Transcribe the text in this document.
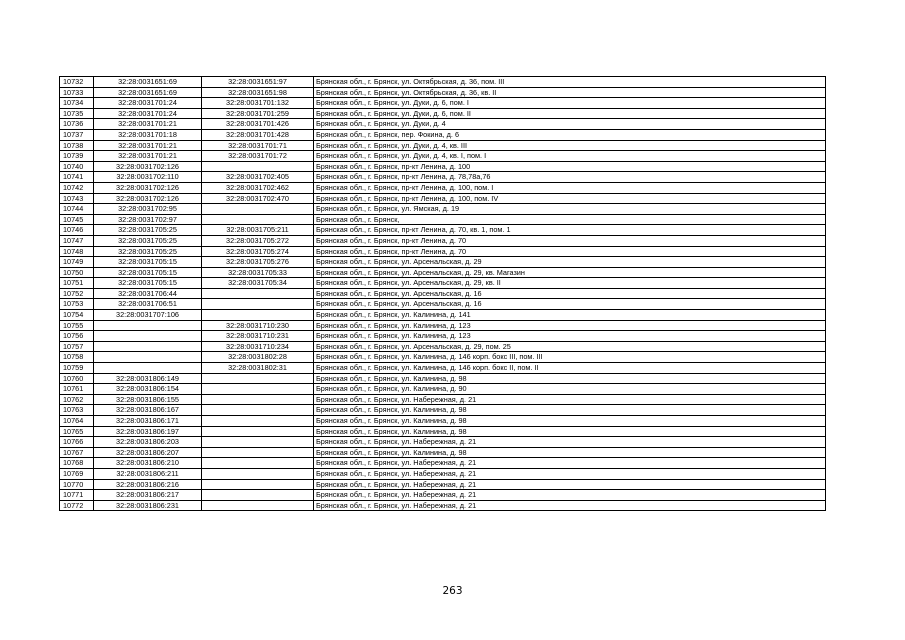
10732	32:28:0031651:69	32:28:0031651:97	Брянская обл., г. Брянск, ул. Октябрьская, д. 36, пом. III
10733	32:28:0031651:69	32:28:0031651:98	Брянская обл., г. Брянск, ул. Октябрьская, д. 36, кв. II
10734	32:28:0031701:24	32:28:0031701:132	Брянская обл., г. Брянск, ул. Дуки, д. 6, пом. I
10735	32:28:0031701:24	32:28:0031701:259	Брянская обл., г. Брянск, ул. Дуки, д. 6, пом. II
10736	32:28:0031701:21	32:28:0031701:426	Брянская обл., г. Брянск, ул. Дуки, д. 4
10737	32:28:0031701:18	32:28:0031701:428	Брянская обл., г. Брянск, пер. Фокина, д. 6
10738	32:28:0031701:21	32:28:0031701:71	Брянская обл., г. Брянск, ул. Дуки, д. 4, кв. III
10739	32:28:0031701:21	32:28:0031701:72	Брянская обл., г. Брянск, ул. Дуки, д. 4, кв. I, пом. I
10740	32:28:0031702:126		Брянская обл., г. Брянск, пр-кт Ленина, д. 100
10741	32:28:0031702:110	32:28:0031702:405	Брянская обл., г. Брянск, пр-кт Ленина, д. 78,78а,76
10742	32:28:0031702:126	32:28:0031702:462	Брянская обл., г. Брянск, пр-кт Ленина, д. 100, пом. I
10743	32:28:0031702:126	32:28:0031702:470	Брянская обл., г. Брянск, пр-кт Ленина, д. 100, пом. IV
10744	32:28:0031702:95		Брянская обл., г. Брянск, ул. Ямская, д. 19
10745	32:28:0031702:97		Брянская обл., г. Брянск,
10746	32:28:0031705:25	32:28:0031705:211	Брянская обл., г. Брянск, пр-кт Ленина, д. 70, кв. 1, пом. 1
10747	32:28:0031705:25	32:28:0031705:272	Брянская обл., г. Брянск, пр-кт Ленина, д. 70
10748	32:28:0031705:25	32:28:0031705:274	Брянская обл., г. Брянск, пр-кт Ленина, д. 70
10749	32:28:0031705:15	32:28:0031705:276	Брянская обл., г. Брянск, ул. Арсенальская, д. 29
10750	32:28:0031705:15	32:28:0031705:33	Брянская обл., г. Брянск, ул. Арсенальская, д. 29, кв. Магазин
10751	32:28:0031705:15	32:28:0031705:34	Брянская обл., г. Брянск, ул. Арсенальская, д. 29, кв. II
10752	32:28:0031706:44		Брянская обл., г. Брянск, ул. Арсенальская, д. 16
10753	32:28:0031706:51		Брянская обл., г. Брянск, ул. Арсенальская, д. 16
10754	32:28:0031707:106		Брянская обл., г. Брянск, ул. Калинина, д. 141
10755		32:28:0031710:230	Брянская обл., г. Брянск, ул. Калинина, д. 123
10756		32:28:0031710:231	Брянская обл., г. Брянск, ул. Калинина, д. 123
10757		32:28:0031710:234	Брянская обл., г. Брянск, ул. Арсенальская, д. 29, пом. 25
10758		32:28:0031802:28	Брянская обл., г. Брянск, ул. Калинина, д. 146 корп. бокс III, пом. III
10759		32:28:0031802:31	Брянская обл., г. Брянск, ул. Калинина, д. 146 корп. бокс II, пом. II
10760	32:28:0031806:149		Брянская обл., г. Брянск, ул. Калинина, д. 98
10761	32:28:0031806:154		Брянская обл., г. Брянск, ул. Калинина, д. 90
10762	32:28:0031806:155		Брянская обл., г. Брянск, ул. Набережная, д. 21
10763	32:28:0031806:167		Брянская обл., г. Брянск, ул. Калинина, д. 98
10764	32:28:0031806:171		Брянская обл., г. Брянск, ул. Калинина, д. 98
10765	32:28:0031806:197		Брянская обл., г. Брянск, ул. Калинина, д. 98
10766	32:28:0031806:203		Брянская обл., г. Брянск, ул. Набережная, д. 21
10767	32:28:0031806:207		Брянская обл., г. Брянск, ул. Калинина, д. 98
10768	32:28:0031806:210		Брянская обл., г. Брянск, ул. Набережная, д. 21
10769	32:28:0031806:211		Брянская обл., г. Брянск, ул. Набережная, д. 21
10770	32:28:0031806:216		Брянская обл., г. Брянск, ул. Набережная, д. 21
10771	32:28:0031806:217		Брянская обл., г. Брянск, ул. Набережная, д. 21
10772	32:28:0031806:231		Брянская обл., г. Брянск, ул. Набережная, д. 21
263
